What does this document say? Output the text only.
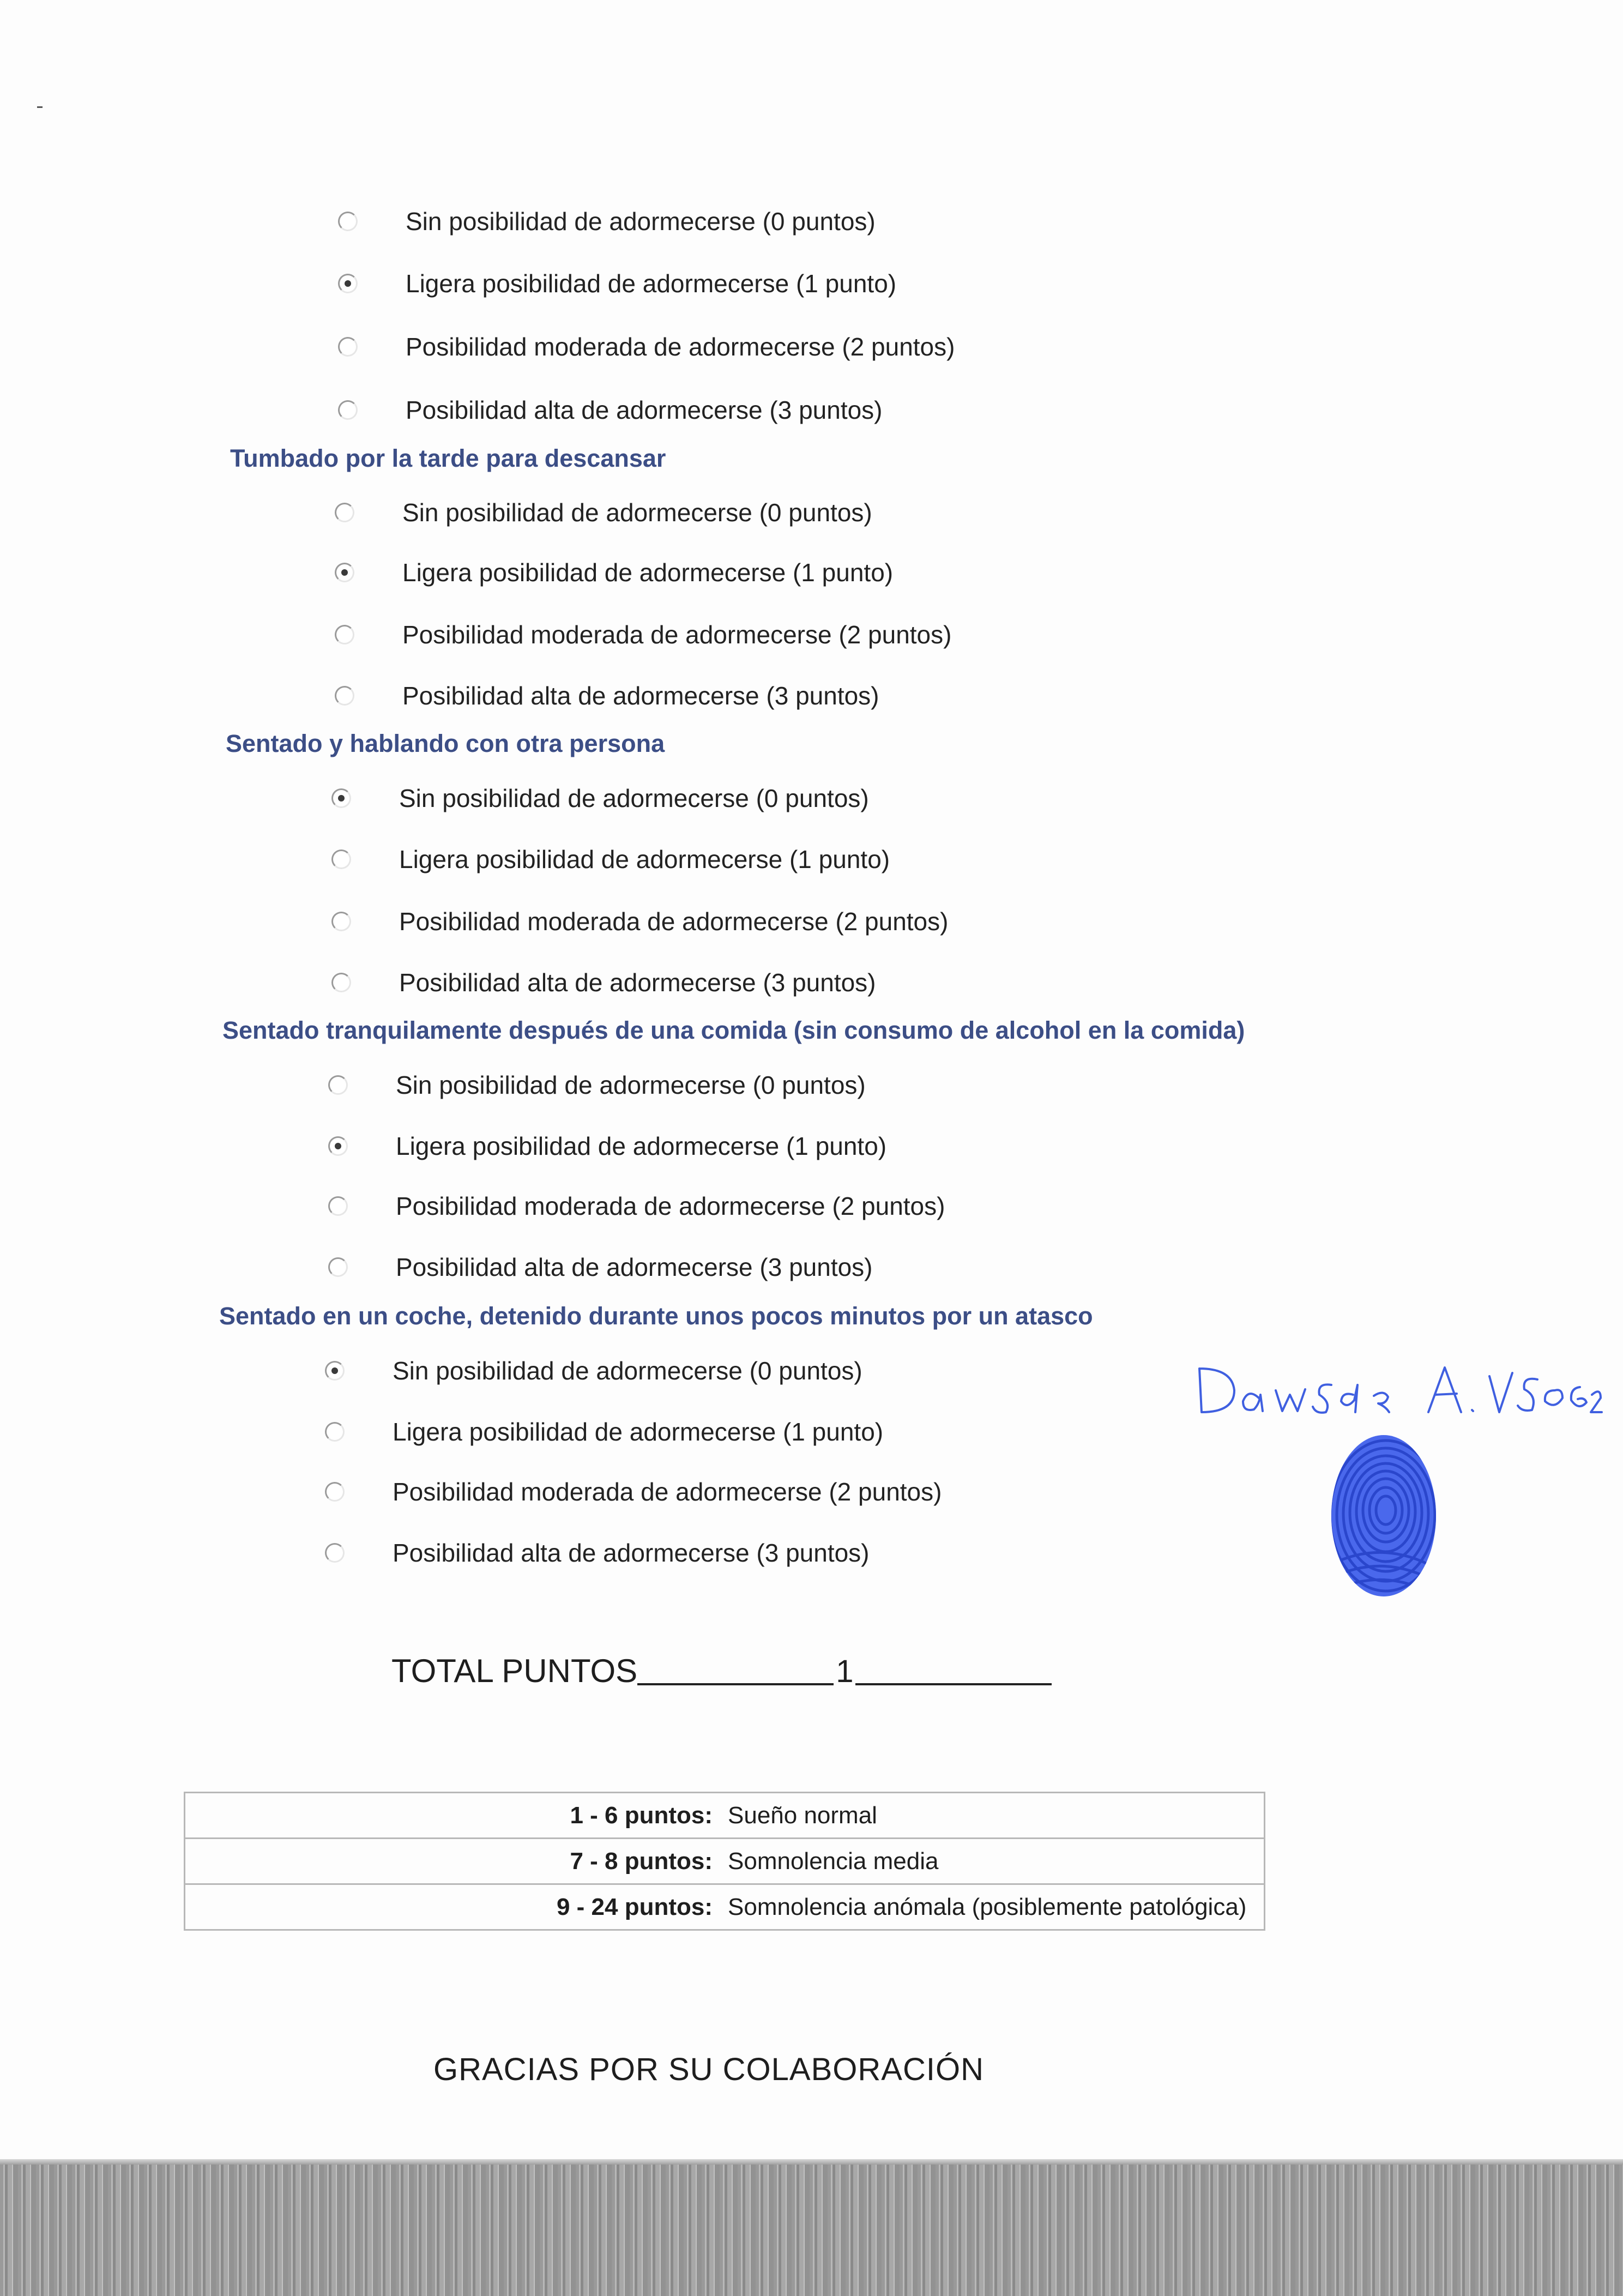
Sin posibilidad de adormecerse (0 puntos)
Ligera posibilidad de adormecerse (1 punto)
Posibilidad moderada de adormecerse (2 puntos)
Posibilidad alta de adormecerse (3 puntos)
Tumbado por la tarde para descansar
Sin posibilidad de adormecerse (0 puntos)
Ligera posibilidad de adormecerse (1 punto)
Posibilidad moderada de adormecerse (2 puntos)
Posibilidad alta de adormecerse (3 puntos)
Sentado y hablando con otra persona
Sin posibilidad de adormecerse (0 puntos)
Ligera posibilidad de adormecerse (1 punto)
Posibilidad moderada de adormecerse (2 puntos)
Posibilidad alta de adormecerse (3 puntos)
Sentado tranquilamente después de una comida (sin consumo de alcohol en la comida)
Sin posibilidad de adormecerse (0 puntos)
Ligera posibilidad de adormecerse (1 punto)
Posibilidad moderada de adormecerse (2 puntos)
Posibilidad alta de adormecerse (3 puntos)
Sentado en un coche, detenido durante unos pocos minutos por un atasco
Sin posibilidad de adormecerse (0 puntos)
Ligera posibilidad de adormecerse (1 punto)
Posibilidad moderada de adormecerse (2 puntos)
Posibilidad alta de adormecerse (3 puntos)
TOTAL PUNTOS	1
1 - 6 puntos:	Sueño normal
7 - 8 puntos:	Somnolencia media
9 - 24 puntos:	Somnolencia anómala (posiblemente patológica)
GRACIAS POR SU COLABORACIÓN
